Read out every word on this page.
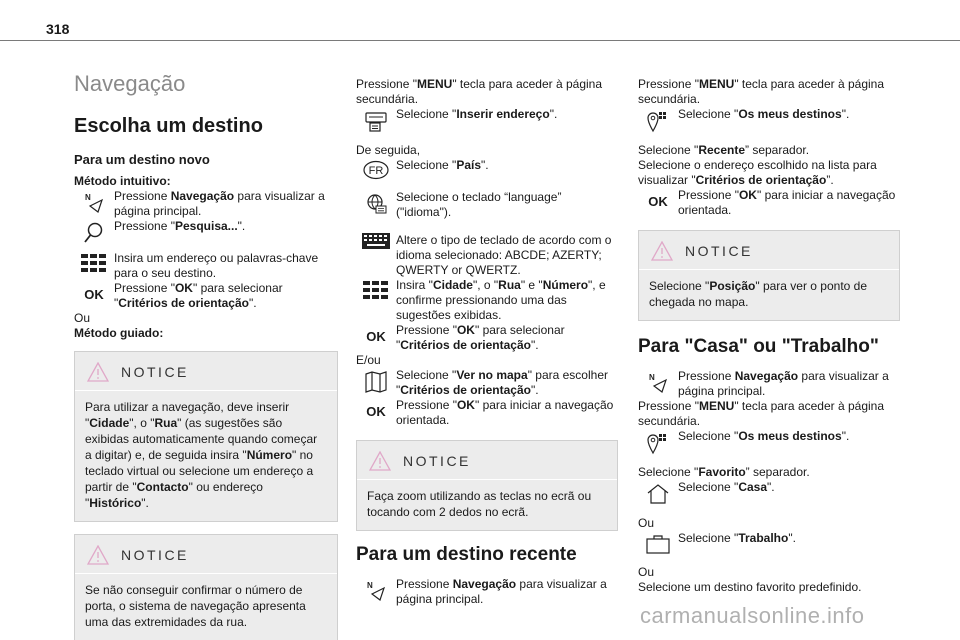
318
Navegação
Escolha um destino
Para um destino novo
Método intuitivo:
N Pressione Navegação para visualizar a página principal.
Pressione "Pesquisa...".
Insira um endereço ou palavras-chave para o seu destino.
OK Pressione "OK" para selecionar "Critérios de orientação".
Ou
Método guiado:
NOTICE
Para utilizar a navegação, deve inserir "Cidade", o "Rua" (as sugestões são exibidas automaticamente quando começar a digitar) e, de seguida insira "Número" no teclado virtual ou selecione um endereço a partir de "Contacto" ou endereço "Histórico".
NOTICE
Se não conseguir confirmar o número de porta, o sistema de navegação apresenta uma das extremidades da rua.
Pressione "MENU" tecla para aceder à página secundária.
Selecione "Inserir endereço".
De seguida,
FR Selecione "País".
Selecione o teclado “language” ("idioma").
Altere o tipo de teclado de acordo com o idioma selecionado: ABCDE; AZERTY; QWERTY or QWERTZ.
Insira "Cidade", o "Rua" e "Número", e confirme pressionando uma das sugestões exibidas.
OK Pressione "OK" para selecionar "Critérios de orientação".
E/ou
Selecione "Ver no mapa" para escolher "Critérios de orientação".
OK Pressione "OK" para iniciar a navegação orientada.
NOTICE
Faça zoom utilizando as teclas no ecrã ou tocando com 2 dedos no ecrã.
Para um destino recente
N Pressione Navegação para visualizar a página principal.
Pressione "MENU" tecla para aceder à página secundária.
Selecione "Os meus destinos".
Selecione "Recente” separador.
Selecione o endereço escolhido na lista para visualizar "Critérios de orientação”.
OK Pressione "OK" para iniciar a navegação orientada.
NOTICE
Selecione "Posição" para ver o ponto de chegada no mapa.
Para "Casa" ou "Trabalho"
N Pressione Navegação para visualizar a página principal.
Pressione "MENU" tecla para aceder à página secundária.
Selecione "Os meus destinos".
Selecione "Favorito” separador.
Selecione "Casa".
Ou
Selecione "Trabalho".
Ou
Selecione um destino favorito predefinido.
carmanualsonline.info
